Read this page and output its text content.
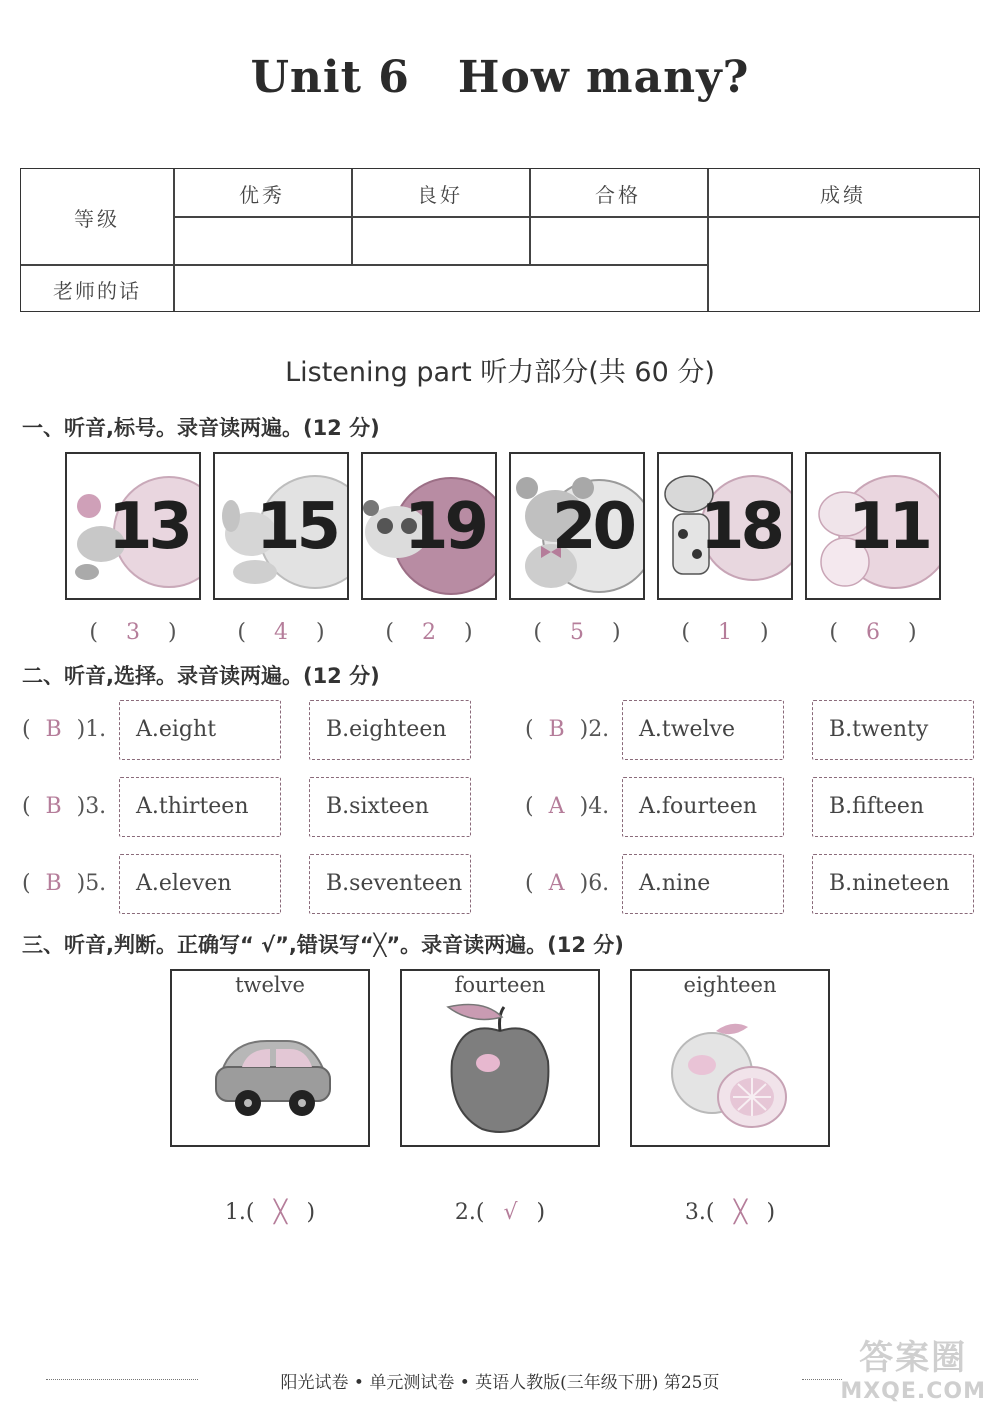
Unit 6 How many?
等级
优秀	良好	合格	成绩
老师的话
Listening part 听力部分(共 60 分)
一、听音,标号。录音读两遍。(12 分)
13 15 19 20 18 11
( 3 )	( 4 )	( 2 )	( 5 )	( 1 )	( 6 )
二、听音,选择。录音读两遍。(12 分)
( B )1.	A.eight	B.eighteen	( B )2.	A.twelve	B.twenty
( B )3.	A.thirteen	B.sixteen	( A )4.	A.fourteen	B.fifteen
( B )5.	A.eleven	B.seventeen	( A )6.	A.nine	B.nineteen
三、听音,判断。正确写“ √”,错误写“╳”。录音读两遍。(12 分)
twelve	fourteen	eighteen
1.( ╳ )	2.( √ )	3.( ╳ )
阳光试卷 • 单元测试卷 • 英语人教版(三年级下册) 第25页
答案圈
MXQE.COM
